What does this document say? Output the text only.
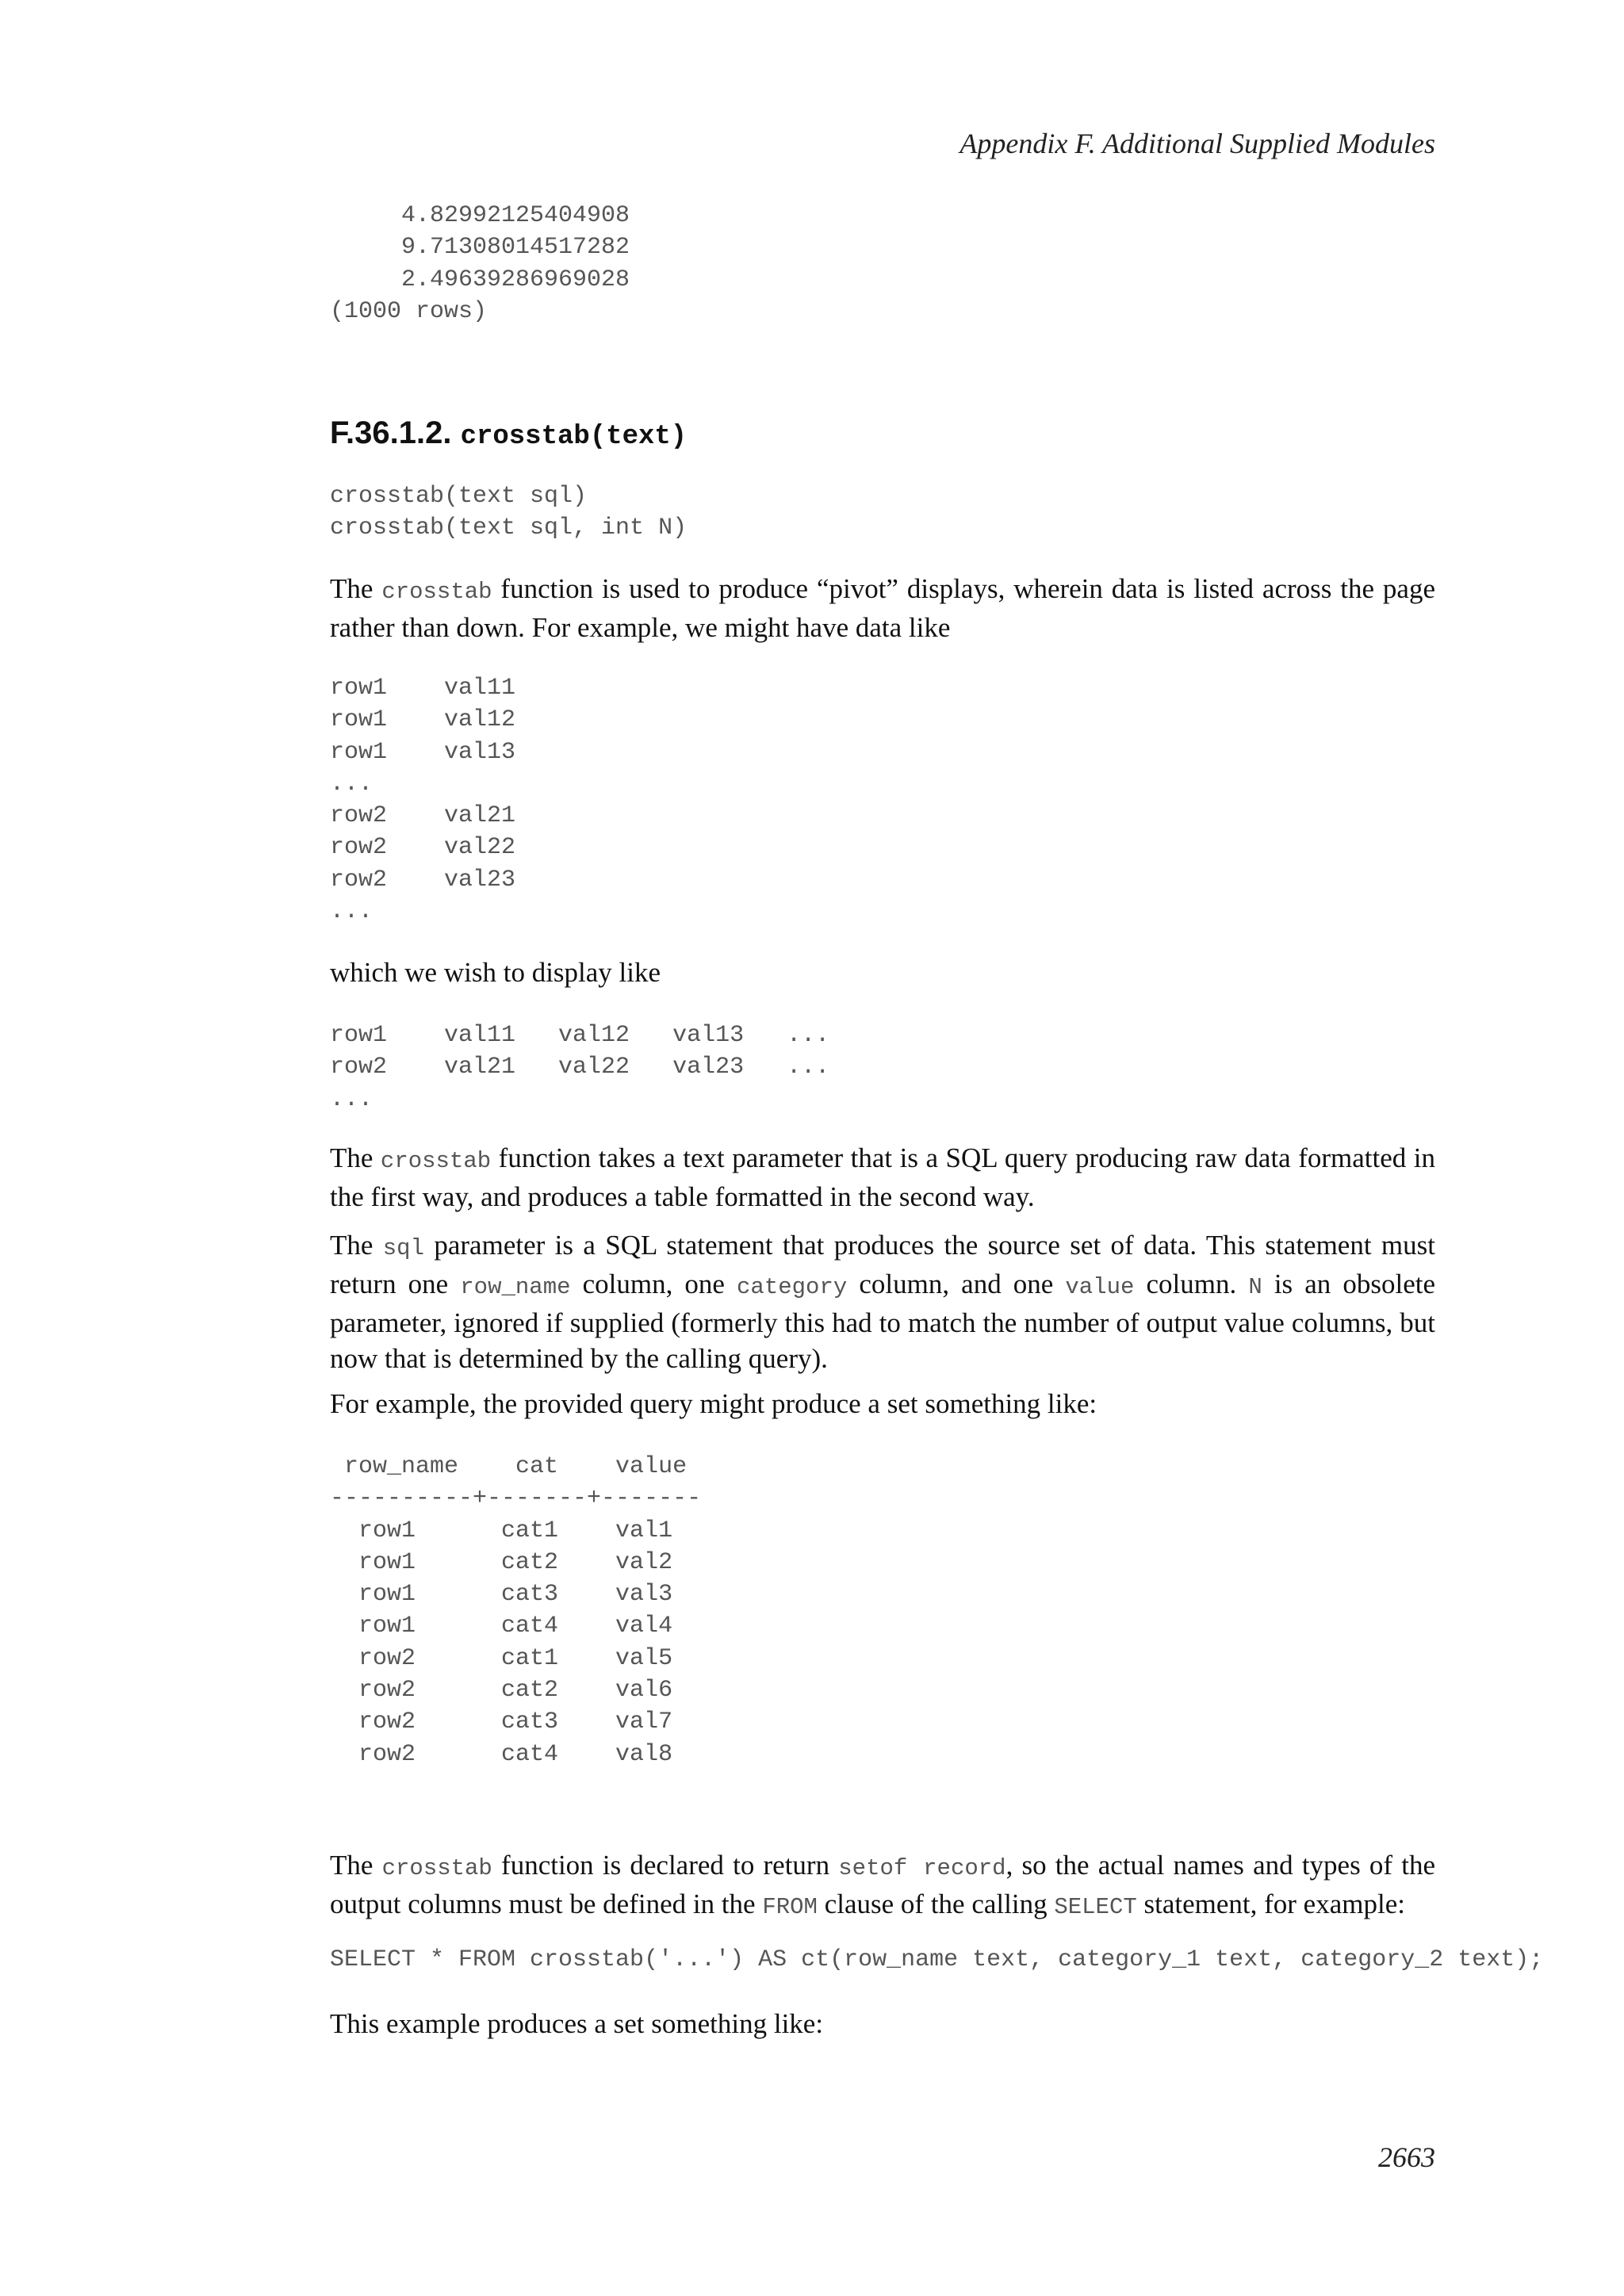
Appendix F. Additional Supplied Modules
4.82992125404908
9.71308014517282
2.49639286969028
(1000 rows)
F.36.1.2. crosstab(text)
crosstab(text sql)
crosstab(text sql, int N)

The crosstab function is used to produce “pivot” displays, wherein data is listed across the page rather than down. For example, we might have data like

row1    val11
row1    val12
row1    val13
...
row2    val21
row2    val22
row2    val23
...

which we wish to display like

row1    val11   val12   val13   ...
row2    val21   val22   val23   ...
...

The crosstab function takes a text parameter that is a SQL query producing raw data formatted in the first way, and produces a table formatted in the second way.

The sql parameter is a SQL statement that produces the source set of data. This statement must return one row_name column, one category column, and one value column. N is an obsolete parameter, ignored if supplied (formerly this had to match the number of output value columns, but now that is determined by the calling query).

For example, the provided query might produce a set something like:

row_name    cat    value
----------+-------+-------
row1      cat1    val1
row1      cat2    val2
row1      cat3    val3
row1      cat4    val4
row2      cat1    val5
row2      cat2    val6
row2      cat3    val7
row2      cat4    val8

The crosstab function is declared to return setof record, so the actual names and types of the output columns must be defined in the FROM clause of the calling SELECT statement, for example:

SELECT * FROM crosstab('...') AS ct(row_name text, category_1 text, category_2 text);

This example produces a set something like:

2663
